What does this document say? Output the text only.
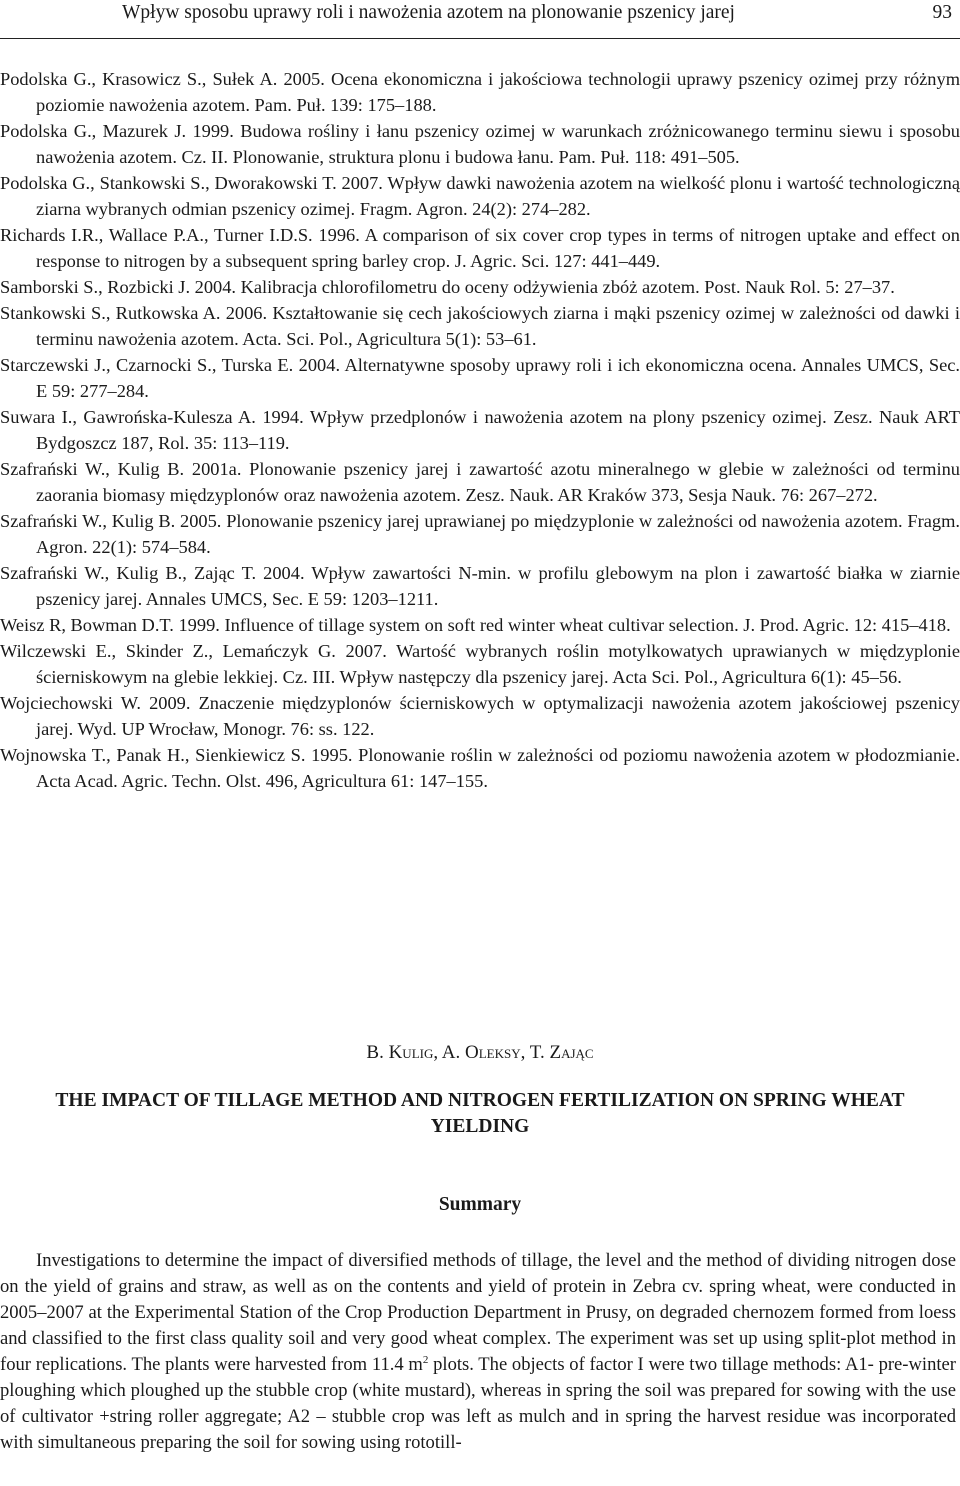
Wpływ sposobu uprawy roli i nawożenia azotem na plonowanie pszenicy jarej	93

Podolska G., Krasowicz S., Sułek A. 2005. Ocena ekonomiczna i jakościowa technologii uprawy pszenicy ozimej przy różnym poziomie nawożenia azotem. Pam. Puł. 139: 175–188.

Podolska G., Mazurek J. 1999. Budowa rośliny i łanu pszenicy ozimej w warunkach zróżnicowanego terminu siewu i sposobu nawożenia azotem. Cz. II. Plonowanie, struktura plonu i budowa łanu. Pam. Puł. 118: 491–505.

Podolska G., Stankowski S., Dworakowski T. 2007. Wpływ dawki nawożenia azotem na wielkość plonu i wartość technologiczną ziarna wybranych odmian pszenicy ozimej. Fragm. Agron. 24(2): 274–282.

Richards I.R., Wallace P.A., Turner I.D.S. 1996. A comparison of six cover crop types in terms of nitrogen uptake and effect on response to nitrogen by a subsequent spring barley crop. J. Agric. Sci. 127: 441–449.

Samborski S., Rozbicki J. 2004. Kalibracja chlorofilometru do oceny odżywienia zbóż azotem. Post. Nauk Rol. 5: 27–37.

Stankowski S., Rutkowska A. 2006. Kształtowanie się cech jakościowych ziarna i mąki pszenicy ozimej w zależności od dawki i terminu nawożenia azotem. Acta. Sci. Pol., Agricultura 5(1): 53–61.

Starczewski J., Czarnocki S., Turska E. 2004. Alternatywne sposoby uprawy roli i ich ekonomiczna ocena. Annales UMCS, Sec. E 59: 277–284.

Suwara I., Gawrońska-Kulesza A. 1994. Wpływ przedplonów i nawożenia azotem na plony pszenicy ozimej. Zesz. Nauk ART Bydgoszcz 187, Rol. 35: 113–119.

Szafrański W., Kulig B. 2001a. Plonowanie pszenicy jarej i zawartość azotu mineralnego w glebie w zależności od terminu zaorania biomasy międzyplonów oraz nawożenia azotem. Zesz. Nauk. AR Kraków 373, Sesja Nauk. 76: 267–272.

Szafrański W., Kulig B. 2005. Plonowanie pszenicy jarej uprawianej po międzyplonie w zależności od nawożenia azotem. Fragm. Agron. 22(1): 574–584.

Szafrański W., Kulig B., Zając T. 2004. Wpływ zawartości N-min. w profilu glebowym na plon i zawartość białka w ziarnie pszenicy jarej. Annales UMCS, Sec. E 59: 1203–1211.

Weisz R, Bowman D.T. 1999. Influence of tillage system on soft red winter wheat cultivar selection. J. Prod. Agric. 12: 415–418.

Wilczewski E., Skinder Z., Lemańczyk G. 2007. Wartość wybranych roślin motylkowatych uprawianych w międzyplonie ścierniskowym na glebie lekkiej. Cz. III. Wpływ następczy dla pszenicy jarej. Acta Sci. Pol., Agricultura 6(1): 45–56.

Wojciechowski W. 2009. Znaczenie międzyplonów ścierniskowych w optymalizacji nawożenia azotem jakościowej pszenicy jarej. Wyd. UP Wrocław, Monogr. 76: ss. 122.

Wojnowska T., Panak H., Sienkiewicz S. 1995. Plonowanie roślin w zależności od poziomu nawożenia azotem w płodozmianie. Acta Acad. Agric. Techn. Olst. 496, Agricultura 61: 147–155.

B. Kulig, A. Oleksy, T. Zając
THE IMPACT OF TILLAGE METHOD AND NITROGEN FERTILIZATION ON SPRING WHEAT YIELDING
Summary

Investigations to determine the impact of diversified methods of tillage, the level and the method of dividing nitrogen dose on the yield of grains and straw, as well as on the contents and yield of protein in Zebra cv. spring wheat, were conducted in 2005–2007 at the Experimental Station of the Crop Production Department in Prusy, on degraded chernozem formed from loess and classified to the first class quality soil and very good wheat complex. The experiment was set up using split-plot method in four replications. The plants were harvested from 11.4 $m^2$ plots. The objects of factor I were two tillage methods: A1- pre-winter ploughing which ploughed up the stubble crop (white mustard), whereas in spring the soil was prepared for sowing with the use of cultivator +string roller aggregate; A2 – stubble crop was left as mulch and in spring the harvest residue was incorporated with simultaneous preparing the soil for sowing using rototill-
